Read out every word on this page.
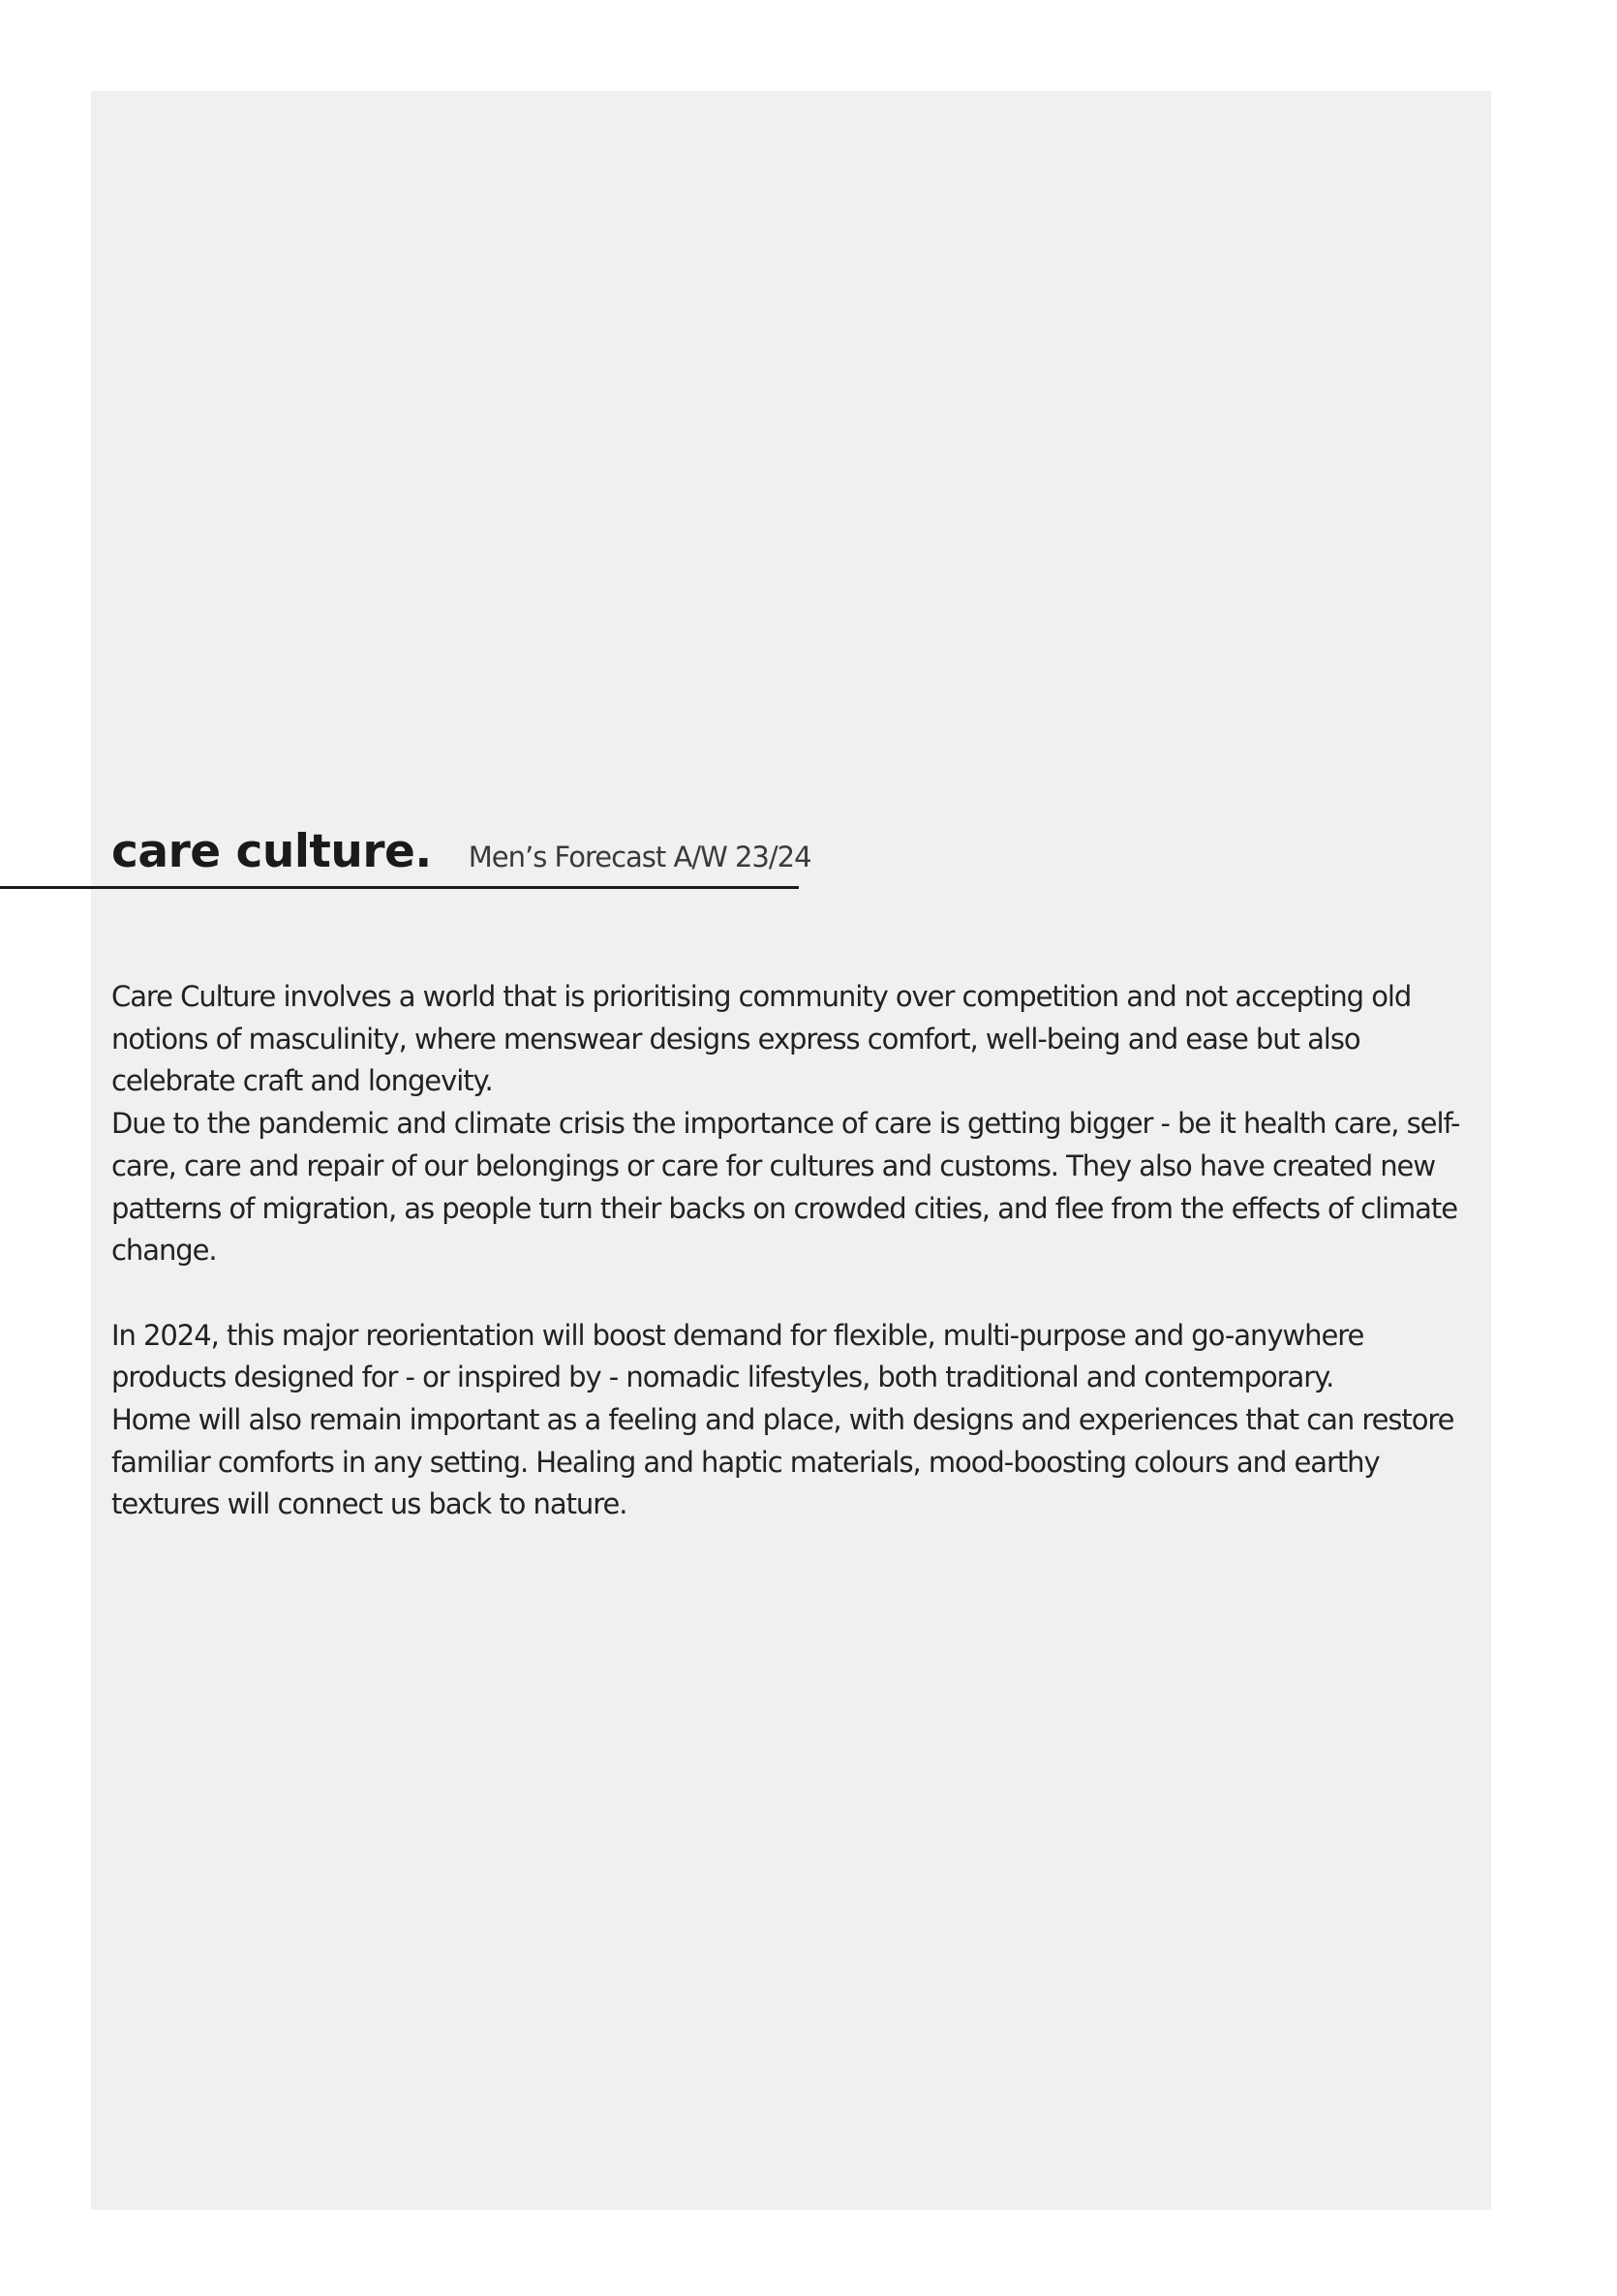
care culture. Men’s Forecast A/W 23/24

Care Culture involves a world that is prioritising community over competition and not accepting old notions of masculinity, where menswear designs express comfort, well-being and ease but also celebrate craft and longevity.

Due to the pandemic and climate crisis the importance of care is getting bigger - be it health care, self-care, care and repair of our belongings or care for cultures and customs. They also have created new patterns of migration, as people turn their backs on crowded cities, and flee from the effects of climate change.

In 2024, this major reorientation will boost demand for flexible, multi-purpose and go-anywhere products designed for - or inspired by - nomadic lifestyles, both traditional and contemporary.

Home will also remain important as a feeling and place, with designs and experiences that can restore familiar comforts in any setting. Healing and haptic materials, mood-boosting colours and earthy textures will connect us back to nature.
